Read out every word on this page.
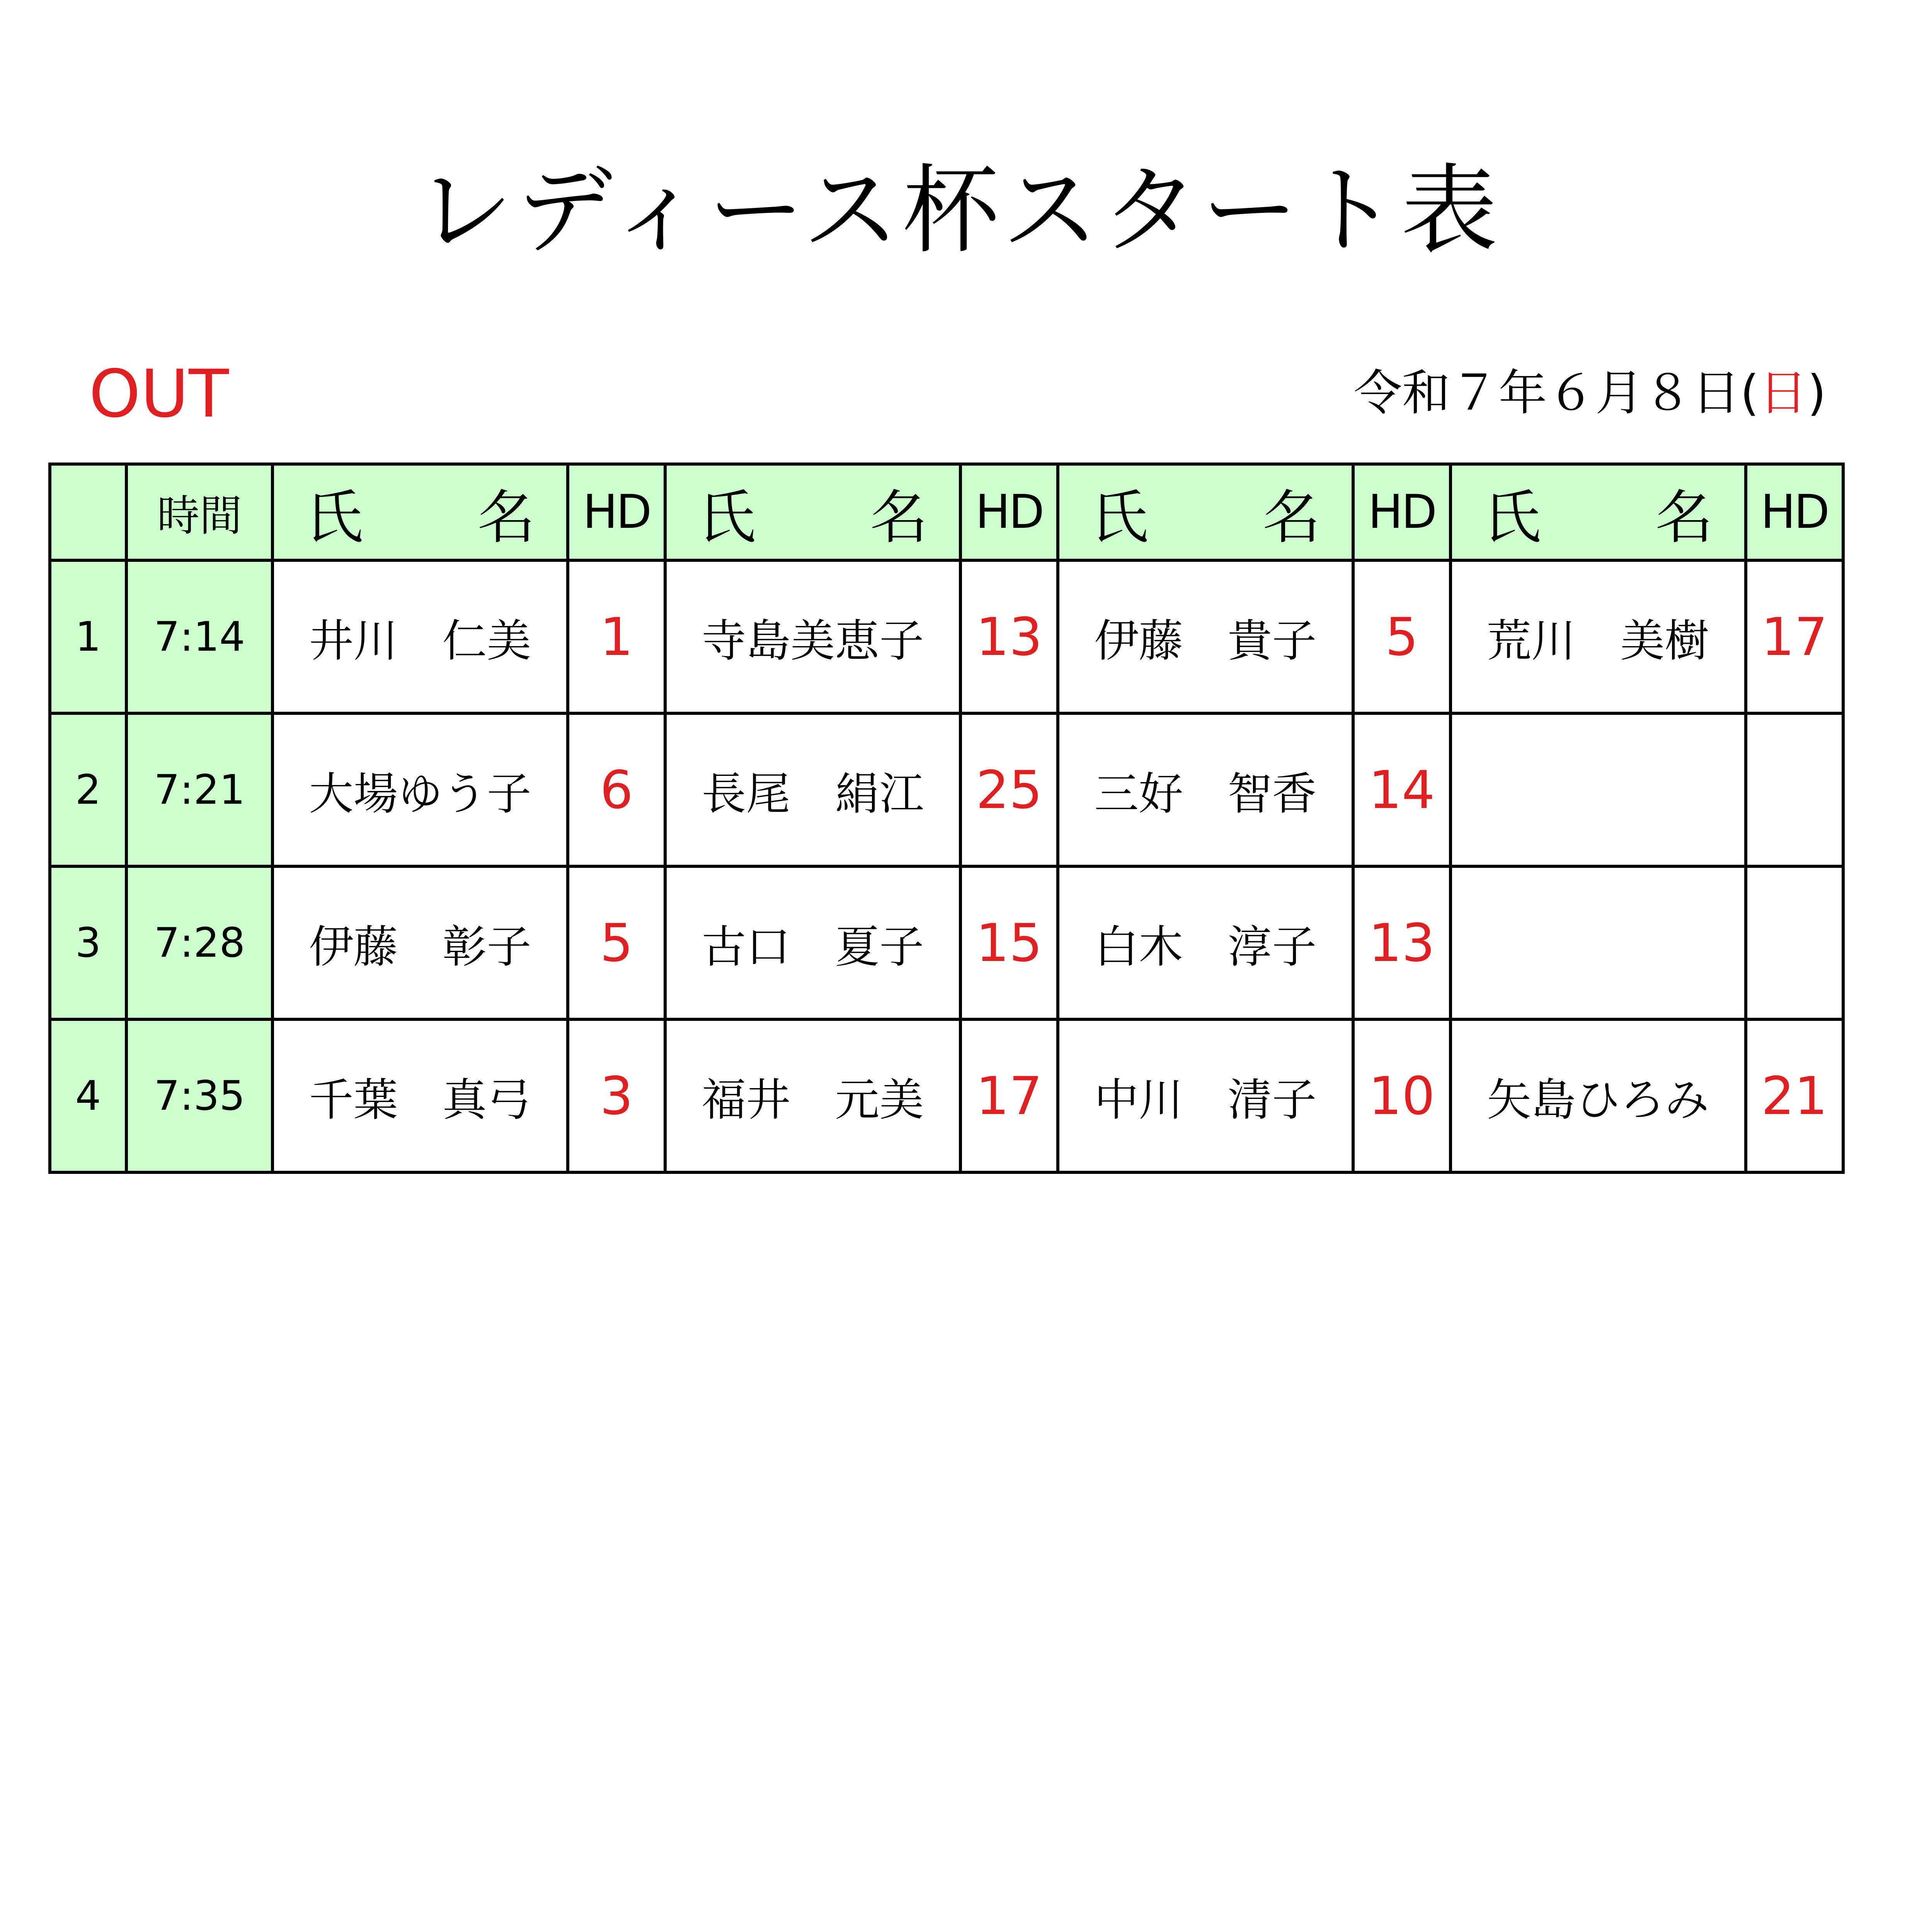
レディース杯スタート表
OUT	令和７年６月８日(日)
	時間	氏 名	HD	氏 名	HD	氏 名	HD	氏 名	HD
1	7:14	井川　仁美	1	寺島美恵子	13	伊藤　貴子	5	荒川　美樹	17
2	7:21	大場ゆう子	6	長尾　絹江	25	三好　智香	14		
3	7:28	伊藤　彰子	5	古口　夏子	15	白木　淳子	13		
4	7:35	千葉　真弓	3	福井　元美	17	中川　清子	10	矢島ひろみ	21
